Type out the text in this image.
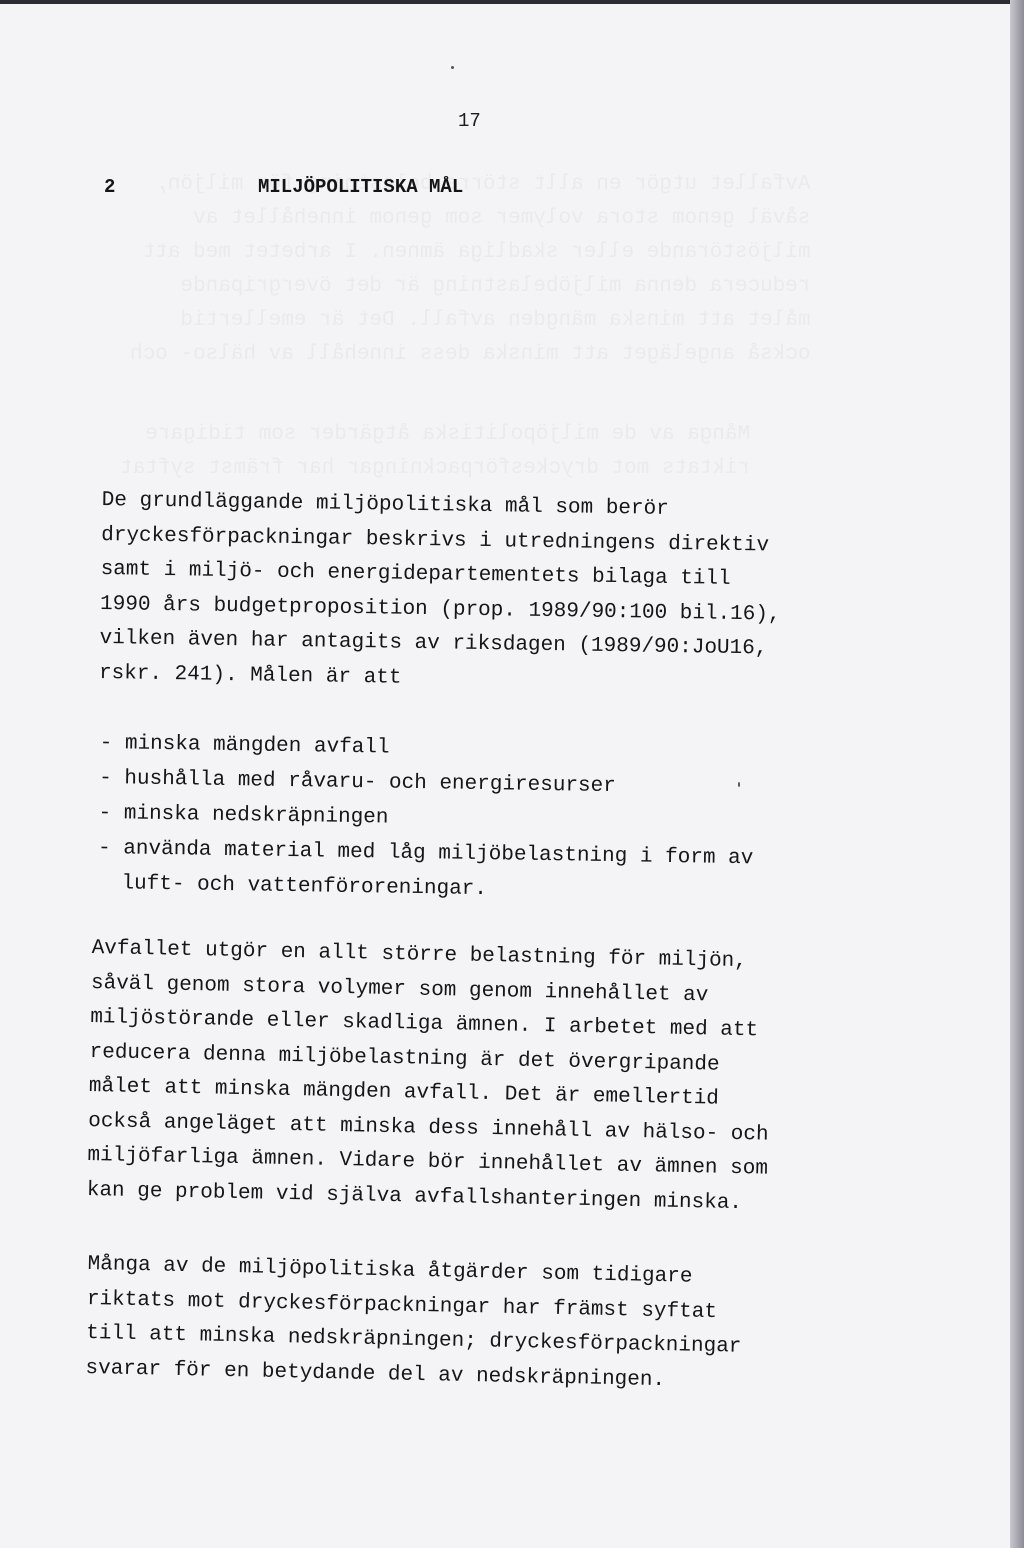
17
2	MILJÖPOLITISKA MÅL
De grundläggande miljöpolitiska mål som berör
dryckesförpackningar beskrivs i utredningens direktiv
samt i miljö- och energidepartementets bilaga till
1990 års budgetproposition (prop. 1989/90:100 bil.16),
vilken även har antagits av riksdagen (1989/90:JoU16,
rskr. 241). Målen är att
- minska mängden avfall
- hushålla med råvaru- och energiresurser
- minska nedskräpningen
- använda material med låg miljöbelastning i form av
luft- och vattenföroreningar.
Avfallet utgör en allt större belastning för miljön,
såväl genom stora volymer som genom innehållet av
miljöstörande eller skadliga ämnen. I arbetet med att
reducera denna miljöbelastning är det övergripande
målet att minska mängden avfall. Det är emellertid
också angeläget att minska dess innehåll av hälso- och
miljöfarliga ämnen. Vidare bör innehållet av ämnen som
kan ge problem vid själva avfallshanteringen minska.
Många av de miljöpolitiska åtgärder som tidigare
riktats mot dryckesförpackningar har främst syftat
till att minska nedskräpningen; dryckesförpackningar
svarar för en betydande del av nedskräpningen.
